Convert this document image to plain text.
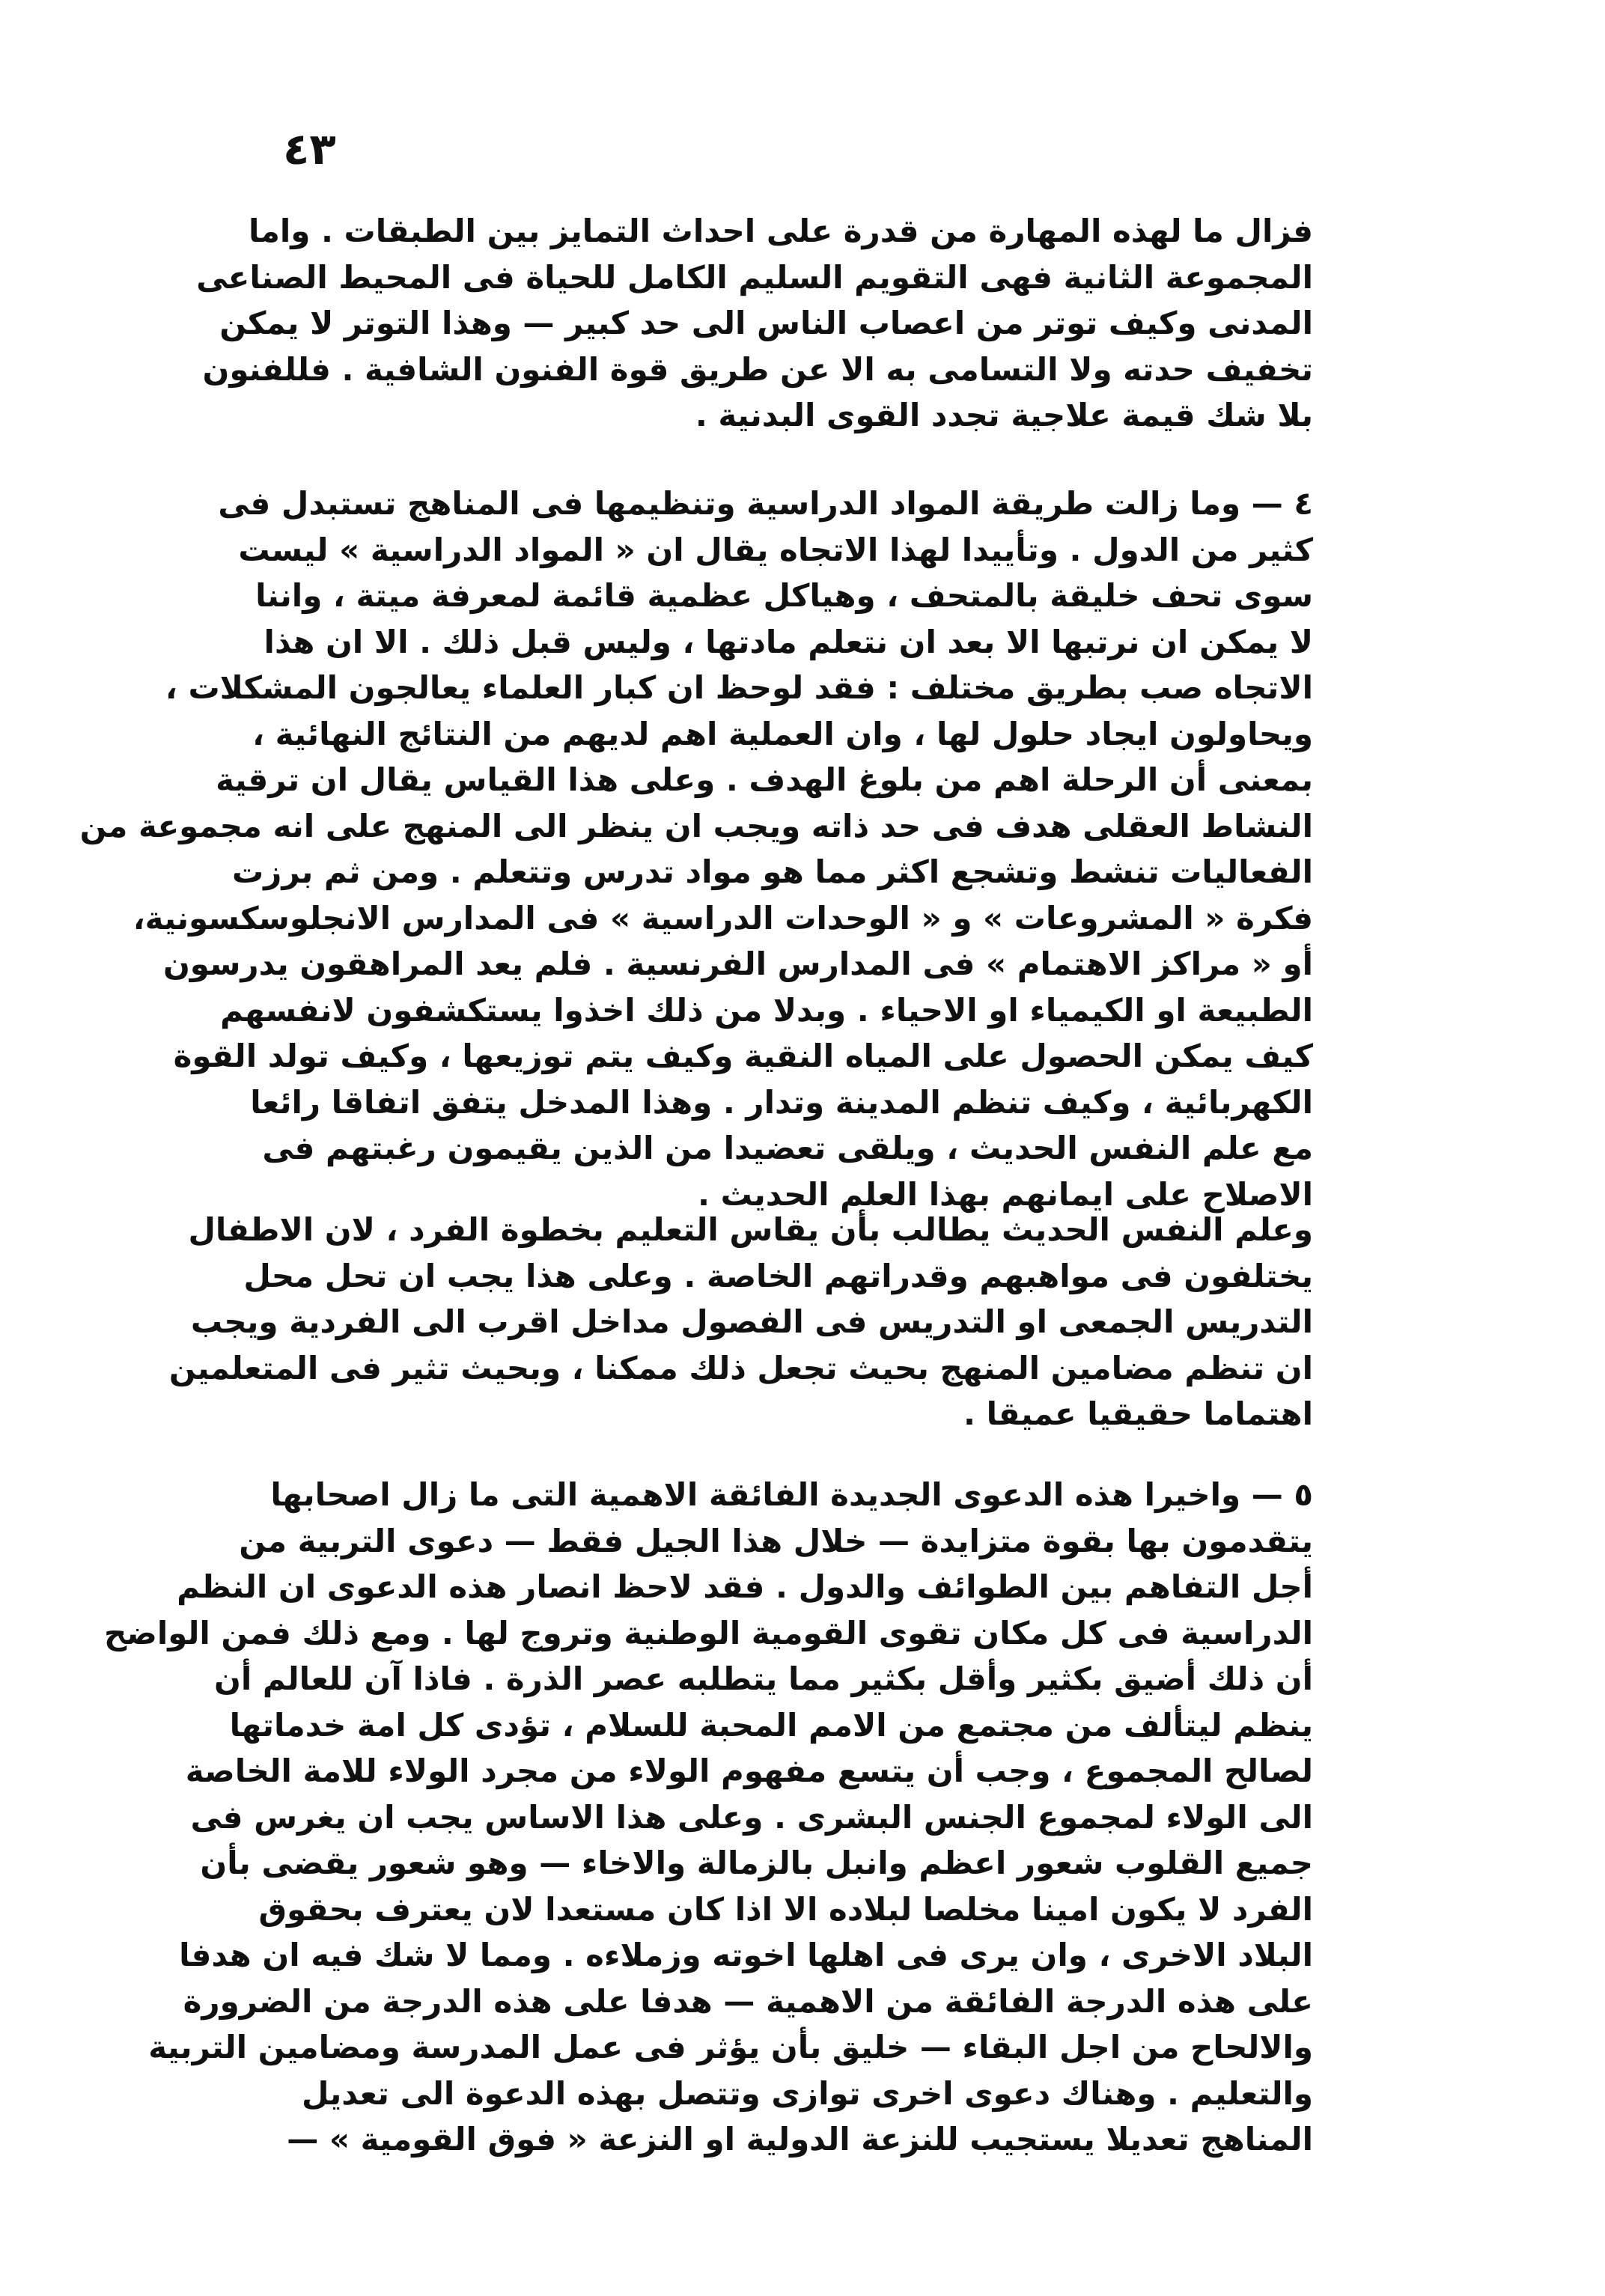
٤٣
فزال ما لهذه المهارة من قدرة على احداث التمايز بين الطبقات . واما
المجموعة الثانية فهى التقويم السليم الكامل للحياة فى المحيط الصناعى
المدنى وكيف توتر من اعصاب الناس الى حد كبير — وهذا التوتر لا يمكن
تخفيف حدته ولا التسامى به الا عن طريق قوة الفنون الشافية . فللفنون
بلا شك قيمة علاجية تجدد القوى البدنية .
٤ — وما زالت طريقة المواد الدراسية وتنظيمها فى المناهج تستبدل فى
كثير من الدول . وتأييدا لهذا الاتجاه يقال ان « المواد الدراسية » ليست
سوى تحف خليقة بالمتحف ، وهياكل عظمية قائمة لمعرفة ميتة ، واننا
لا يمكن ان نرتبها الا بعد ان نتعلم مادتها ، وليس قبل ذلك . الا ان هذا
الاتجاه صب بطريق مختلف : فقد لوحظ ان كبار العلماء يعالجون المشكلات ،
ويحاولون ايجاد حلول لها ، وان العملية اهم لديهم من النتائج النهائية ،
بمعنى أن الرحلة اهم من بلوغ الهدف . وعلى هذا القياس يقال ان ترقية
النشاط العقلى هدف فى حد ذاته ويجب ان ينظر الى المنهج على انه مجموعة من
الفعاليات تنشط وتشجع اكثر مما هو مواد تدرس وتتعلم . ومن ثم برزت
فكرة « المشروعات » و « الوحدات الدراسية » فى المدارس الانجلوسكسونية،
أو « مراكز الاهتمام » فى المدارس الفرنسية . فلم يعد المراهقون يدرسون
الطبيعة او الكيمياء او الاحياء . وبدلا من ذلك اخذوا يستكشفون لانفسهم
كيف يمكن الحصول على المياه النقية وكيف يتم توزيعها ، وكيف تولد القوة
الكهربائية ، وكيف تنظم المدينة وتدار . وهذا المدخل يتفق اتفاقا رائعا
مع علم النفس الحديث ، ويلقى تعضيدا من الذين يقيمون رغبتهم فى
الاصلاح على ايمانهم بهذا العلم الحديث .
وعلم النفس الحديث يطالب بأن يقاس التعليم بخطوة الفرد ، لان الاطفال
يختلفون فى مواهبهم وقدراتهم الخاصة . وعلى هذا يجب ان تحل محل
التدريس الجمعى او التدريس فى الفصول مداخل اقرب الى الفردية ويجب
ان تنظم مضامين المنهج بحيث تجعل ذلك ممكنا ، وبحيث تثير فى المتعلمين
اهتماما حقيقيا عميقا .
٥ — واخيرا هذه الدعوى الجديدة الفائقة الاهمية التى ما زال اصحابها
يتقدمون بها بقوة متزايدة — خلال هذا الجيل فقط — دعوى التربية من
أجل التفاهم بين الطوائف والدول . فقد لاحظ انصار هذه الدعوى ان النظم
الدراسية فى كل مكان تقوى القومية الوطنية وتروج لها . ومع ذلك فمن الواضح
أن ذلك أضيق بكثير وأقل بكثير مما يتطلبه عصر الذرة . فاذا آن للعالم أن
ينظم ليتألف من مجتمع من الامم المحبة للسلام ، تؤدى كل امة خدماتها
لصالح المجموع ، وجب أن يتسع مفهوم الولاء من مجرد الولاء للامة الخاصة
الى الولاء لمجموع الجنس البشرى . وعلى هذا الاساس يجب ان يغرس فى
جميع القلوب شعور اعظم وانبل بالزمالة والاخاء — وهو شعور يقضى بأن
الفرد لا يكون امينا مخلصا لبلاده الا اذا كان مستعدا لان يعترف بحقوق
البلاد الاخرى ، وان يرى فى اهلها اخوته وزملاءه . ومما لا شك فيه ان هدفا
على هذه الدرجة الفائقة من الاهمية — هدفا على هذه الدرجة من الضرورة
والالحاح من اجل البقاء — خليق بأن يؤثر فى عمل المدرسة ومضامين التربية
والتعليم . وهناك دعوى اخرى توازى وتتصل بهذه الدعوة الى تعديل
المناهج تعديلا يستجيب للنزعة الدولية او النزعة « فوق القومية » —
